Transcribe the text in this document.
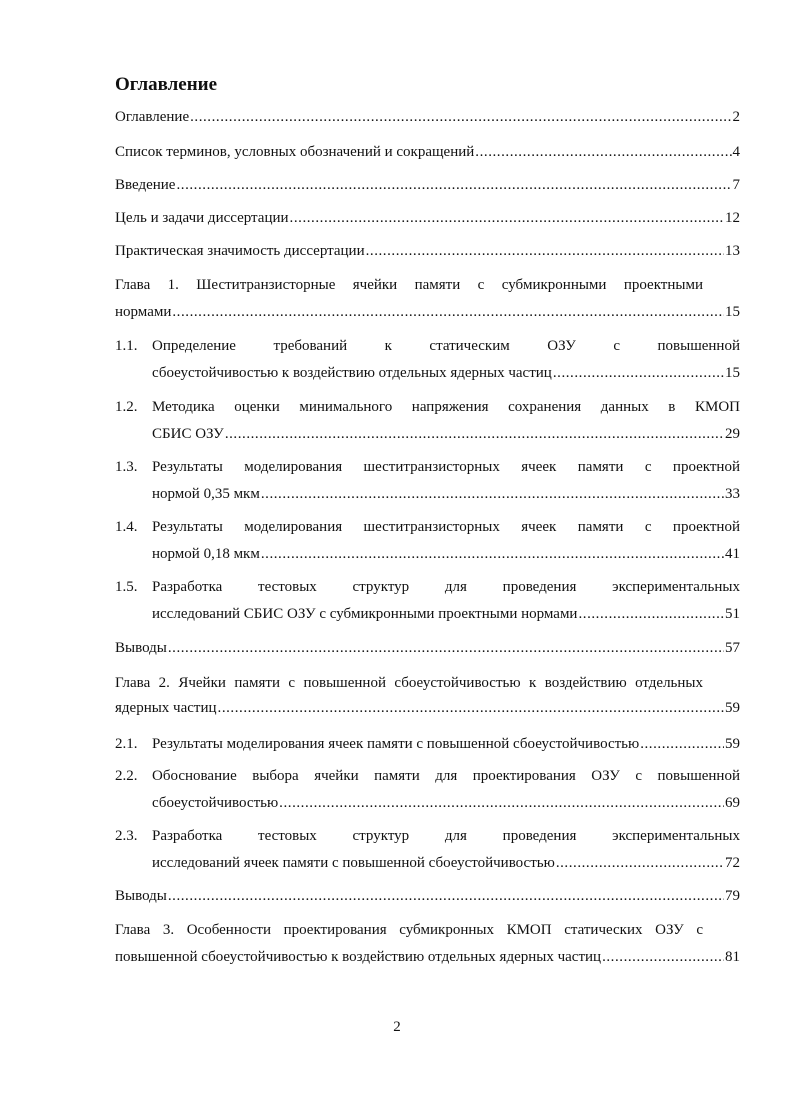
Оглавление
Оглавление . . .	2
Список терминов, условных обозначений и сокращений . . .	4
Введение . . .	7
Цель и задачи диссертации . . .	12
Практическая значимость диссертации . . .	13
Глава 1. Шеститранзисторные ячейки памяти с субмикронными проектными
нормами . . .	15
1.1. Определение требований к статическим ОЗУ с повышенной
сбоеустойчивостью к воздействию отдельных ядерных частиц . . .	15
1.2. Методика оценки минимального напряжения сохранения данных в КМОП
СБИС ОЗУ . . .	29
1.3. Результаты моделирования шеститранзисторных ячеек памяти с проектной
нормой 0,35 мкм . . .	33
1.4. Результаты моделирования шеститранзисторных ячеек памяти с проектной
нормой 0,18 мкм . . .	41
1.5. Разработка тестовых структур для проведения экспериментальных
исследований СБИС ОЗУ с субмикронными проектными нормами . . .	51
Выводы . . .	57
Глава 2. Ячейки памяти с повышенной сбоеустойчивостью к воздействию отдельных
ядерных частиц . . .	59
2.1. Результаты моделирования ячеек памяти с повышенной сбоеустойчивостью . . .	59
2.2. Обоснование выбора ячейки памяти для проектирования ОЗУ с повышенной
сбоеустойчивостью . . .	69
2.3. Разработка тестовых структур для проведения экспериментальных
исследований ячеек памяти с повышенной сбоеустойчивостью . . .	72
Выводы . . .	79
Глава 3. Особенности проектирования субмикронных КМОП статических ОЗУ с
повышенной сбоеустойчивостью к воздействию отдельных ядерных частиц . . .	81
2
